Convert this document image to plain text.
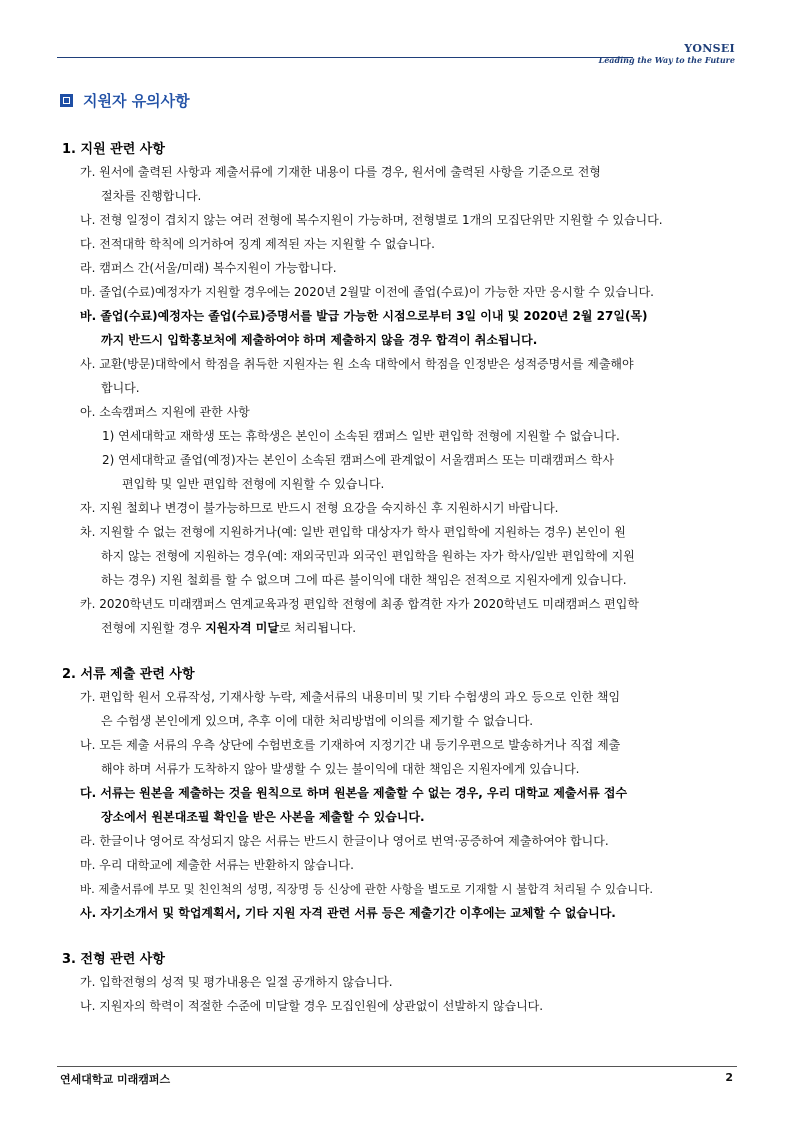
YONSEI
Leading the Way to the Future
지원자 유의사항
1. 지원 관련 사항
가. 원서에 출력된 사항과 제출서류에 기재한 내용이 다를 경우, 원서에 출력된 사항을 기준으로 전형
절차를 진행합니다.
나. 전형 일정이 겹치지 않는 여러 전형에 복수지원이 가능하며, 전형별로 1개의 모집단위만 지원할 수 있습니다.
다. 전적대학 학칙에 의거하여 징계 제적된 자는 지원할 수 없습니다.
라. 캠퍼스 간(서울/미래) 복수지원이 가능합니다.
마. 졸업(수료)예정자가 지원할 경우에는 2020년 2월말 이전에 졸업(수료)이 가능한 자만 응시할 수 있습니다.
바. 졸업(수료)예정자는 졸업(수료)증명서를 발급 가능한 시점으로부터 3일 이내 및 2020년 2월 27일(목)
까지 반드시 입학홍보처에 제출하여야 하며 제출하지 않을 경우 합격이 취소됩니다.
사. 교환(방문)대학에서 학점을 취득한 지원자는 원 소속 대학에서 학점을 인정받은 성적증명서를 제출해야
합니다.
아. 소속캠퍼스 지원에 관한 사항
1) 연세대학교 재학생 또는 휴학생은 본인이 소속된 캠퍼스 일반 편입학 전형에 지원할 수 없습니다.
2) 연세대학교 졸업(예정)자는 본인이 소속된 캠퍼스에 관계없이 서울캠퍼스 또는 미래캠퍼스 학사
편입학 및 일반 편입학 전형에 지원할 수 있습니다.
자. 지원 철회나 변경이 불가능하므로 반드시 전형 요강을 숙지하신 후 지원하시기 바랍니다.
차. 지원할 수 없는 전형에 지원하거나(예: 일반 편입학 대상자가 학사 편입학에 지원하는 경우) 본인이 원
하지 않는 전형에 지원하는 경우(예: 재외국민과 외국인 편입학을 원하는 자가 학사/일반 편입학에 지원
하는 경우) 지원 철회를 할 수 없으며 그에 따른 불이익에 대한 책임은 전적으로 지원자에게 있습니다.
카. 2020학년도 미래캠퍼스 연계교육과정 편입학 전형에 최종 합격한 자가 2020학년도 미래캠퍼스 편입학
전형에 지원할 경우 지원자격 미달로 처리됩니다.
2. 서류 제출 관련 사항
가. 편입학 원서 오류작성, 기재사항 누락, 제출서류의 내용미비 및 기타 수험생의 과오 등으로 인한 책임
은 수험생 본인에게 있으며, 추후 이에 대한 처리방법에 이의를 제기할 수 없습니다.
나. 모든 제출 서류의 우측 상단에 수험번호를 기재하여 지정기간 내 등기우편으로 발송하거나 직접 제출
해야 하며 서류가 도착하지 않아 발생할 수 있는 불이익에 대한 책임은 지원자에게 있습니다.
다. 서류는 원본을 제출하는 것을 원칙으로 하며 원본을 제출할 수 없는 경우, 우리 대학교 제출서류 접수
장소에서 원본대조필 확인을 받은 사본을 제출할 수 있습니다.
라. 한글이나 영어로 작성되지 않은 서류는 반드시 한글이나 영어로 번역·공증하여 제출하여야 합니다.
마. 우리 대학교에 제출한 서류는 반환하지 않습니다.
바. 제출서류에 부모 및 친인척의 성명, 직장명 등 신상에 관한 사항을 별도로 기재할 시 불합격 처리될 수 있습니다.
사. 자기소개서 및 학업계획서, 기타 지원 자격 관련 서류 등은 제출기간 이후에는 교체할 수 없습니다.
3. 전형 관련 사항
가. 입학전형의 성적 및 평가내용은 일절 공개하지 않습니다.
나. 지원자의 학력이 적절한 수준에 미달할 경우 모집인원에 상관없이 선발하지 않습니다.
연세대학교 미래캠퍼스	2
